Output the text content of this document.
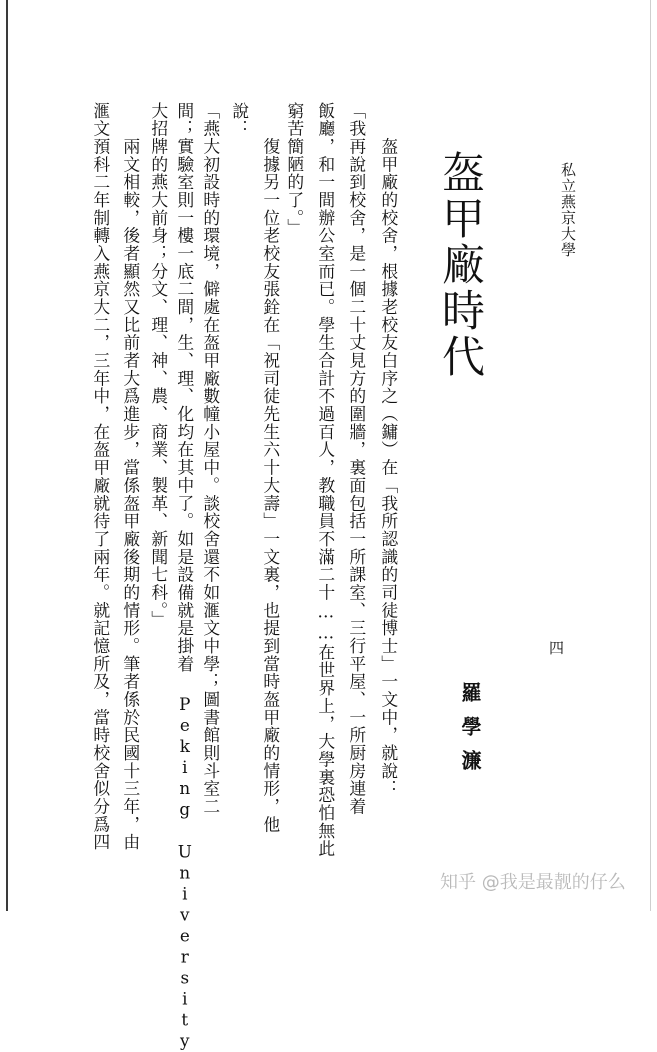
私立燕京大學
盔甲廠時代
四
羅學濂
　　盔甲廠的校舍，根據老校友白序之（鏞）在「我所認識的司徒博士」一文中，就說：
「我再說到校舍，是一個二十丈見方的圍牆，裏面包括一所課室、三行平屋、一所厨房連着
飯廳，和一間辦公室而已。學生合計不過百人，教職員不滿二十……在世界上，大學裏恐怕無此
窮苦簡陋的了。」
　　復據另一位老校友張銓在「祝司徒先生六十大壽」一文裏，也提到當時盔甲廠的情形，他
說：
「燕大初設時的環境，僻處在盔甲廠數幢小屋中。談校舍還不如滙文中學；圖書館則斗室二
間；實驗室則一樓一底二間，生、理、化均在其中了。如是設備就是掛着 Peking University
大招牌的燕大前身；分文、理、神、農、商業、製革、新聞七科。」
　　兩文相較，後者顯然又比前者大爲進步，當係盔甲廠後期的情形。筆者係於民國十三年，由
滙文預科二年制轉入燕京大二，三年中，在盔甲廠就待了兩年。就記憶所及，當時校舍似分爲四
知乎 @我是最靓的仔么
